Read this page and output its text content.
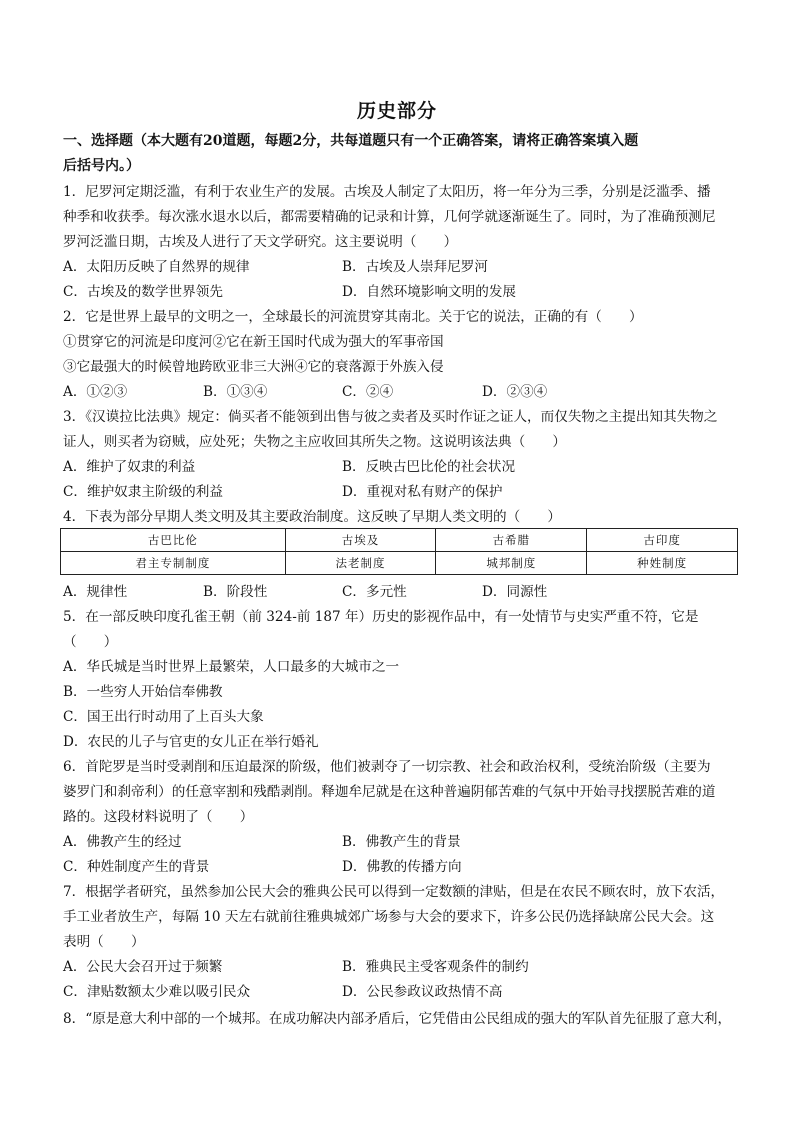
历史部分
一、选择题（本大题有20道题，每题2分，共每道题只有一个正确答案，请将正确答案填入题
后括号内。）
1．尼罗河定期泛滥，有利于农业生产的发展。古埃及人制定了太阳历，将一年分为三季，分别是泛滥季、播
种季和收获季。每次涨水退水以后，都需要精确的记录和计算，几何学就逐渐诞生了。同时，为了准确预测尼
罗河泛滥日期，古埃及人进行了天文学研究。这主要说明（　　）
A．太阳历反映了自然界的规律	B．古埃及人崇拜尼罗河
C．古埃及的数学世界领先	D．自然环境影响文明的发展
2．它是世界上最早的文明之一，全球最长的河流贯穿其南北。关于它的说法，正确的有（　　）
①贯穿它的河流是印度河②它在新王国时代成为强大的军事帝国
③它最强大的时候曾地跨欧亚非三大洲④它的衰落源于外族入侵
A．①②③	B．①③④	C．②④	D．②③④
3．《汉谟拉比法典》规定：倘买者不能领到出售与彼之卖者及买时作证之证人，而仅失物之主提出知其失物之
证人，则买者为窃贼，应处死；失物之主应收回其所失之物。这说明该法典（　　）
A．维护了奴隶的利益	B．反映古巴比伦的社会状况
C．维护奴隶主阶级的利益	D．重视对私有财产的保护
4．下表为部分早期人类文明及其主要政治制度。这反映了早期人类文明的（　　）
古巴比伦	古埃及	古希腊	古印度
君主专制制度	法老制度	城邦制度	种姓制度
A．规律性	B．阶段性	C．多元性	D．同源性
5．在一部反映印度孔雀王朝（前 324-前 187 年）历史的影视作品中，有一处情节与史实严重不符，它是
（　　）
A．华氏城是当时世界上最繁荣，人口最多的大城市之一
B．一些穷人开始信奉佛教
C．国王出行时动用了上百头大象
D．农民的儿子与官吏的女儿正在举行婚礼
6．首陀罗是当时受剥削和压迫最深的阶级，他们被剥夺了一切宗教、社会和政治权利，受统治阶级（主要为
婆罗门和刹帝利）的任意宰割和残酷剥削。释迦牟尼就是在这种普遍阴郁苦难的气氛中开始寻找摆脱苦难的道
路的。这段材料说明了（　　）
A．佛教产生的经过	B．佛教产生的背景
C．种姓制度产生的背景	D．佛教的传播方向
7．根据学者研究，虽然参加公民大会的雅典公民可以得到一定数额的津贴，但是在农民不顾农时，放下农活，
手工业者放生产，每隔 10 天左右就前往雅典城郊广场参与大会的要求下，许多公民仍选择缺席公民大会。这
表明（　　）
A．公民大会召开过于频繁	B．雅典民主受客观条件的制约
C．津贴数额太少难以吸引民众	D．公民参政议政热情不高
8．“原是意大利中部的一个城邦。在成功解决内部矛盾后，它凭借由公民组成的强大的军队首先征服了意大利，
